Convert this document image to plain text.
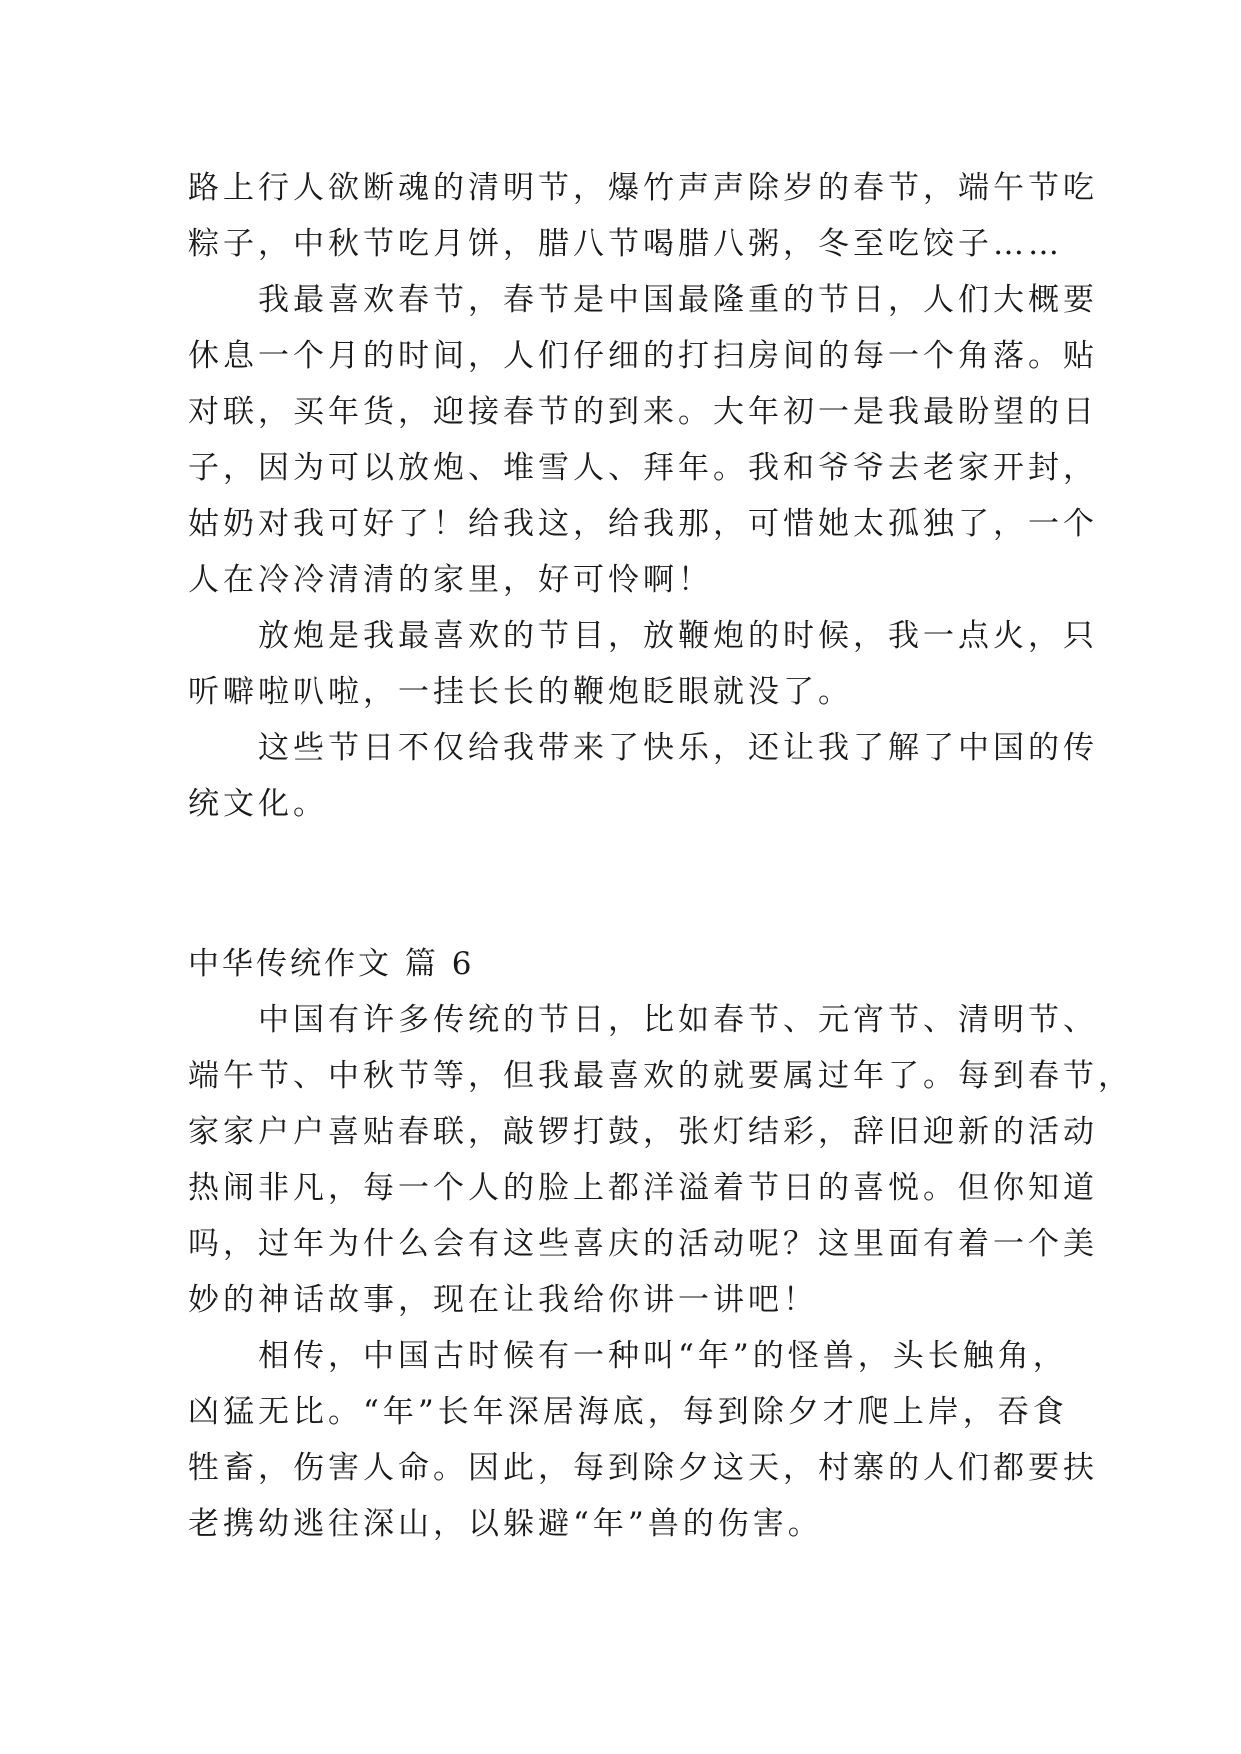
路上行人欲断魂的清明节，爆竹声声除岁的春节，端午节吃

粽子，中秋节吃月饼，腊八节喝腊八粥，冬至吃饺子……

我最喜欢春节，春节是中国最隆重的节日，人们大概要

休息一个月的时间，人们仔细的打扫房间的每一个角落。贴

对联，买年货，迎接春节的到来。大年初一是我最盼望的日

子，因为可以放炮、堆雪人、拜年。我和爷爷去老家开封，

姑奶对我可好了！给我这，给我那，可惜她太孤独了，一个

人在冷冷清清的家里，好可怜啊！

放炮是我最喜欢的节目，放鞭炮的时候，我一点火，只

听噼啦叭啦，一挂长长的鞭炮眨眼就没了。

这些节日不仅给我带来了快乐，还让我了解了中国的传

统文化。

中华传统作文 篇 6

中国有许多传统的节日，比如春节、元宵节、清明节、

端午节、中秋节等，但我最喜欢的就要属过年了。每到春节，

家家户户喜贴春联，敲锣打鼓，张灯结彩，辞旧迎新的活动

热闹非凡，每一个人的脸上都洋溢着节日的喜悦。但你知道

吗，过年为什么会有这些喜庆的活动呢？这里面有着一个美

妙的神话故事，现在让我给你讲一讲吧！

相传，中国古时候有一种叫“年”的怪兽，头长触角，

凶猛无比。“年”长年深居海底，每到除夕才爬上岸，吞食

牲畜，伤害人命。因此，每到除夕这天，村寨的人们都要扶

老携幼逃往深山，以躲避“年”兽的伤害。
